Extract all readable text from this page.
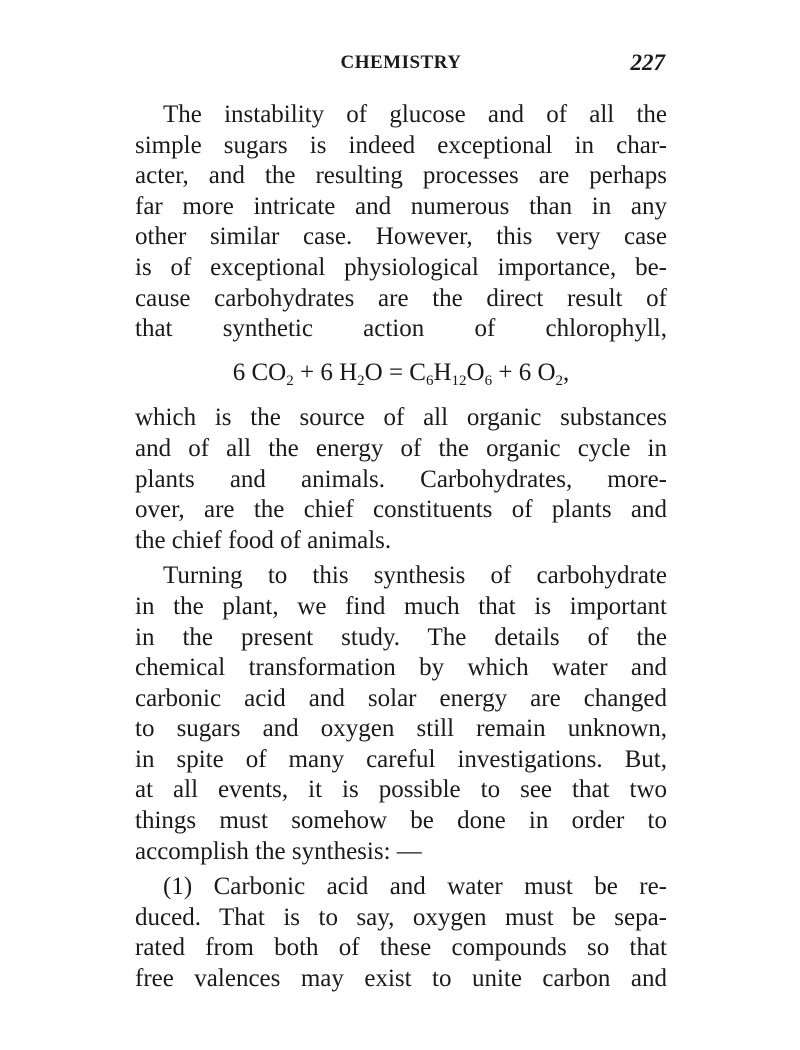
CHEMISTRY	227
The instability of glucose and of all the
simple sugars is indeed exceptional in char-
acter, and the resulting processes are perhaps
far more intricate and numerous than in any
other similar case. However, this very case
is of exceptional physiological importance, be-
cause carbohydrates are the direct result of
that synthetic action of chlorophyll,
6 $CO_2 + 6$ $H_2O = C_6H_{12}O_6 + 6$ $O_2$,
which is the source of all organic substances
and of all the energy of the organic cycle in
plants and animals. Carbohydrates, more-
over, are the chief constituents of plants and
the chief food of animals.
Turning to this synthesis of carbohydrate
in the plant, we find much that is important
in the present study. The details of the
chemical transformation by which water and
carbonic acid and solar energy are changed
to sugars and oxygen still remain unknown,
in spite of many careful investigations. But,
at all events, it is possible to see that two
things must somehow be done in order to
accomplish the synthesis: —
(1) Carbonic acid and water must be re-
duced. That is to say, oxygen must be sepa-
rated from both of these compounds so that
free valences may exist to unite carbon and
